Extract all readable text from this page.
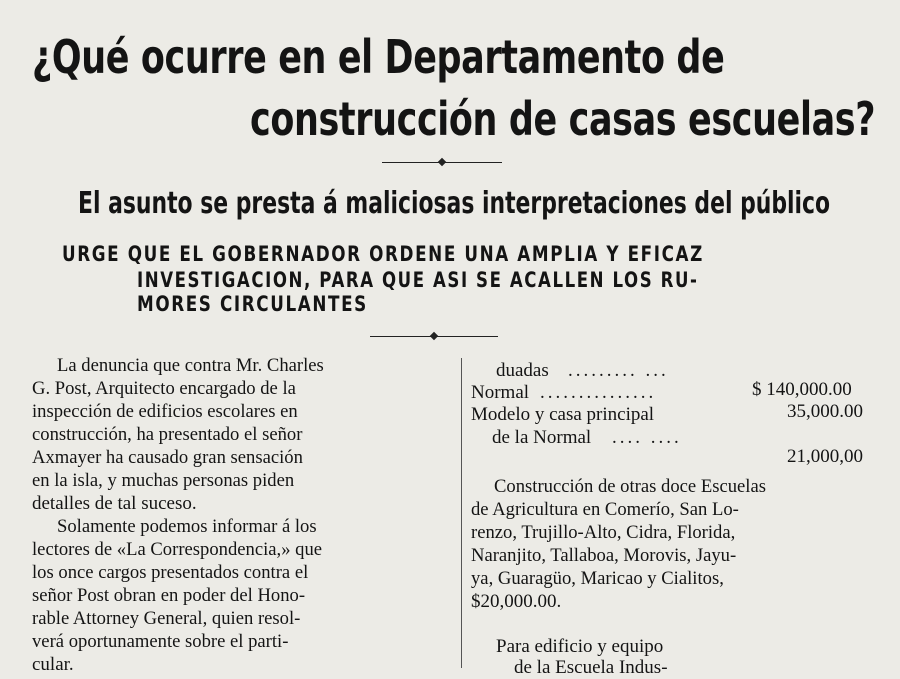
¿Qué ocurre en el Departamento de
construcción de casas escuelas?
El asunto se presta á maliciosas interpretaciones del público
URGE QUE EL GOBERNADOR ORDENE UNA AMPLIA Y EFICAZ
INVESTIGACION, PARA QUE ASI SE ACALLEN LOS RU-
MORES CIRCULANTES

La denuncia que contra Mr. Charles

G. Post, Arquitecto encargado de la

inspección de edificios escolares en

construcción, ha presentado el señor

Axmayer ha causado gran sensación

en la isla, y muchas personas piden

detalles de tal suceso.

Solamente podemos informar á los

lectores de «La Correspondencia,» que

los once cargos presentados contra el

señor Post obran en poder del Hono-

rable Attorney General, quien resol-

verá oportunamente sobre el parti-

cular.

duadas ......... ...

$ 140,000.00

Normal ...............

35,000.00

Modelo y casa principal

de la Normal .... ....

21,000,00

Construcción de otras doce Escuelas

de Agricultura en Comerío, San Lo-

renzo, Trujillo-Alto, Cidra, Florida,

Naranjito, Tallaboa, Morovis, Jayu-

ya, Guaragüo, Maricao y Cialitos,

$20,000.00.

Para edificio y equipo

de la Escuela Indus-
